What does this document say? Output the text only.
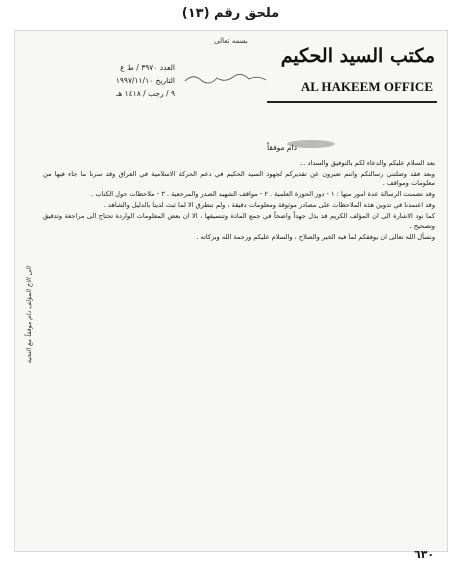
ملحق رقم (١٣)
بسمه تعالى
العدد ٣٩٧٠ / ط ع
التاريخ ١٩٩٧/١١/١٠
٩ / رجب / ١٤١٨ هـ
مكتب السيد الحكيم
AL HAKEEM OFFICE
دام موفقاً
الى الاخ المؤلف دام موفقاً مع التحية

بعد السلام عليكم والدعاء لكم بالتوفيق والسداد ...

وبعد فقد وصلتني رسالتكم وانتم تعبرون عن تقديركم لجهود السيد الحكيم في دعم الحركة الاسلامية في العراق وقد سرنا ما جاء فيها من معلومات ومواقف .

وقد تضمنت الرسالة عدة امور منها : ١ - دور الحوزة العلمية . ٢ - مواقف الشهيد الصدر والمرجعية . ٣ - ملاحظات حول الكتاب .

وقد اعتمدنا في تدوين هذه الملاحظات على مصادر موثوقة ومعلومات دقيقة ، ولم نتطرق الا لما ثبت لدينا بالدليل والشاهد .

كما نود الاشارة الى ان المؤلف الكريم قد بذل جهداً واضحاً في جمع المادة وتنسيقها ، الا ان بعض المعلومات الواردة تحتاج الى مراجعة وتدقيق وتصحيح .

ونسأل الله تعالى ان يوفقكم لما فيه الخير والصلاح ، والسلام عليكم ورحمة الله وبركاته .

٦٣٠
